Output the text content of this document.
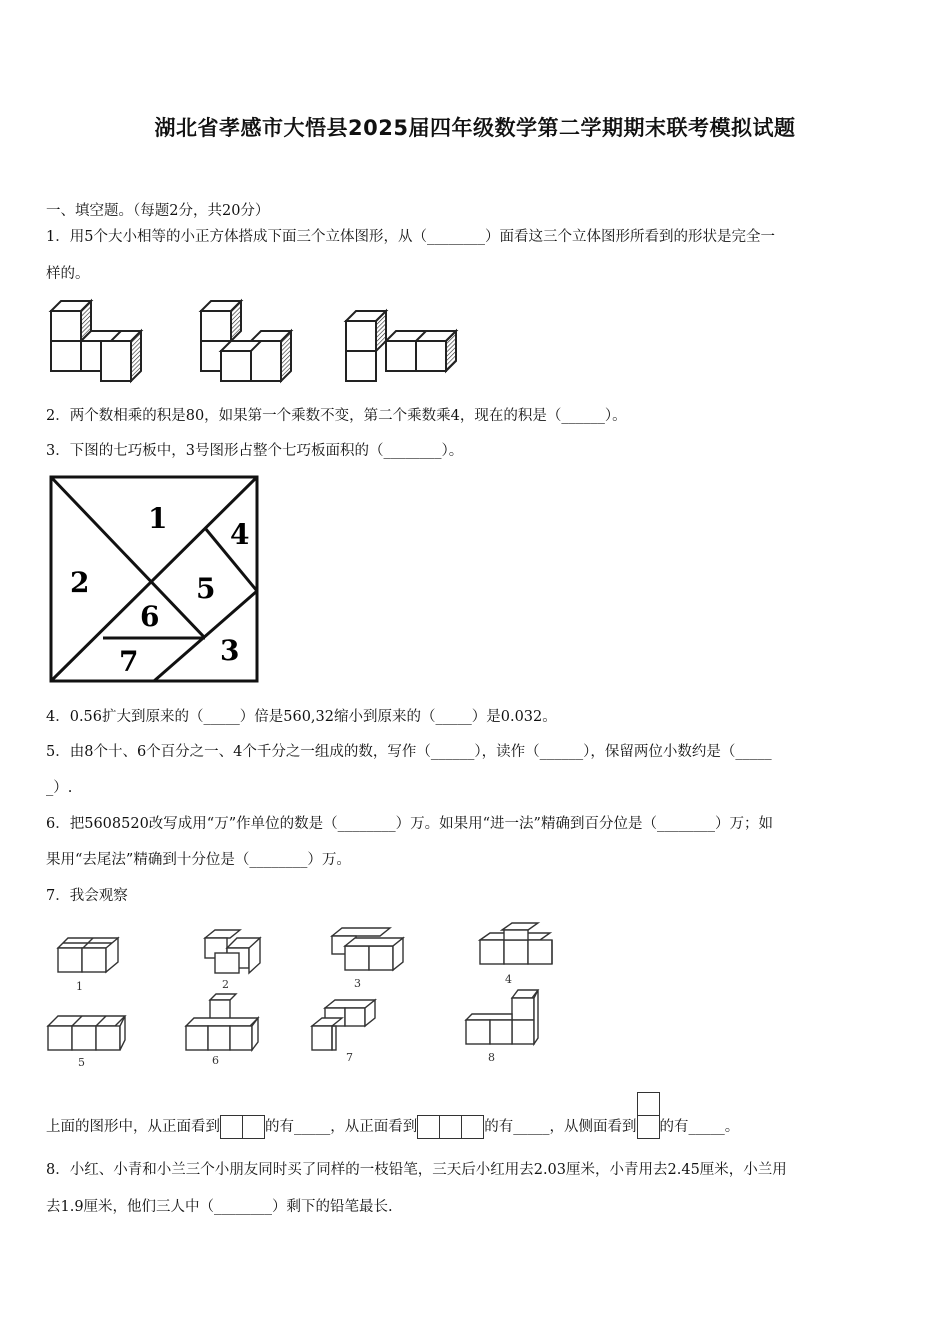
湖北省孝感市大悟县2025届四年级数学第二学期期末联考模拟试题
一、填空题。（每题2分，共20分）
1．用5个大小相等的小正方体搭成下面三个立体图形，从（________）面看这三个立体图形所看到的形状是完全一
样的。
2．两个数相乘的积是80，如果第一个乘数不变，第二个乘数乘4，现在的积是（______）。
3．下图的七巧板中，3号图形占整个七巧板面积的（________）。
1
2
3
4
5
6
7
4．0.56扩大到原来的（_____）倍是560,32缩小到原来的（_____）是0.032。
5．由8个十、6个百分之一、4个千分之一组成的数，写作（______），读作（______），保留两位小数约是（_____
_）.
6．把5608520改写成用“万”作单位的数是（________）万。如果用“进一法”精确到百分位是（________）万；如
果用“去尾法”精确到十分位是（________）万。
7．我会观察
1	2	3	4
5	6	7	8
上面的图形中，从正面看到	的有_____，从正面看到	的有_____，从侧面看到 的有_____。
8．小红、小青和小兰三个小朋友同时买了同样的一枝铅笔，三天后小红用去2.03厘米，小青用去2.45厘米，小兰用
去1.9厘米，他们三人中（________）剩下的铅笔最长.
